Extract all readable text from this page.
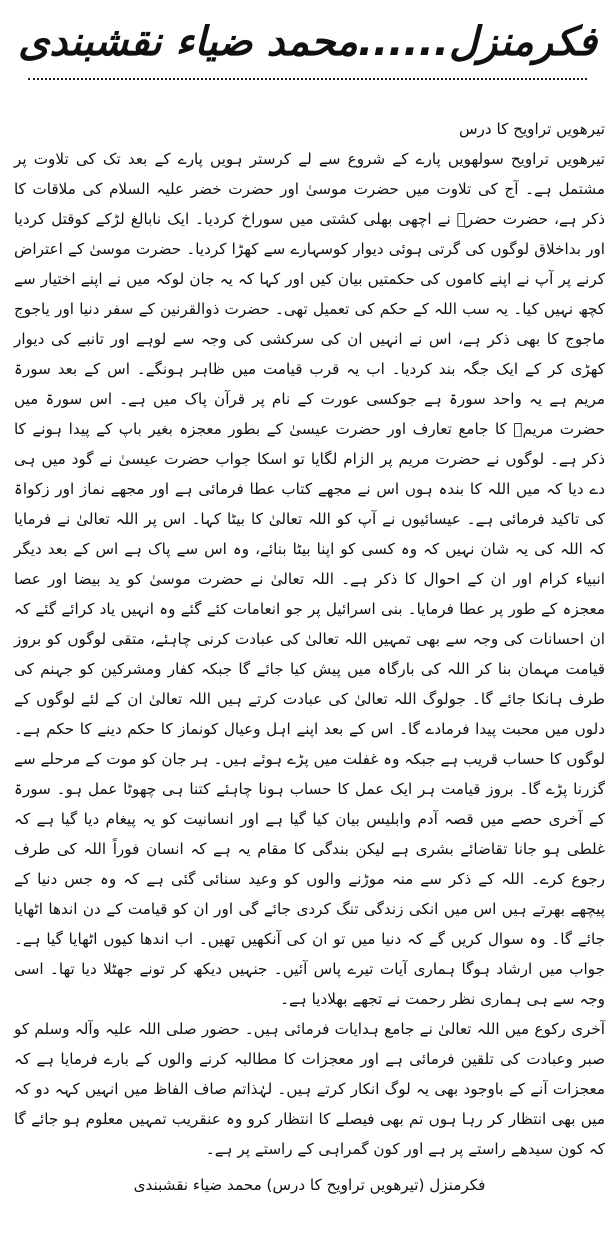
فکرمنزل......محمد ضیاء نقشبندی
تیرھویں تراویح کا درس

تیرھویں تراویح سولھویں پارے کے شروع سے لے کرستر ہویں پارے کے بعد تک کی تلاوت پر مشتمل ہے۔ آج کی تلاوت میں حضرت موسیٰ اور حضرت خضر علیہ السلام کی ملاقات کا ذکر ہے، حضرت حضرؑ نے اچھی بھلی کشتی میں سوراخ کردیا۔ ایک نابالغ لڑکے کوقتل کردیا اور بداخلاق لوگوں کی گرتی ہوئی دیوار کوسہارے سے کھڑا کردیا۔ حضرت موسیٰ کے اعتراض کرنے پر آپ نے اپنے کاموں کی حکمتیں بیان کیں اور کہا کہ یہ جان لوکہ میں نے اپنے اختیار سے کچھ نہیں کیا۔ یہ سب اللہ کے حکم کی تعمیل تھی۔ حضرت ذوالقرنین کے سفر دنیا اور یاجوج ماجوج کا بھی ذکر ہے، اس نے انہیں ان کی سرکشی کی وجہ سے لوہے اور تانبے کی دیوار کھڑی کر کے ایک جگہ بند کردیا۔ اب یہ قرب قیامت میں ظاہر ہونگے۔ اس کے بعد سورۃ مریم ہے یہ واحد سورۃ ہے جوکسی عورت کے نام پر قرآن پاک میں ہے۔ اس سورۃ میں حضرت مریمؑ کا جامع تعارف اور حضرت عیسیٰ کے بطور معجزہ بغیر باپ کے پیدا ہونے کا ذکر ہے۔ لوگوں نے حضرت مریم پر الزام لگایا تو اسکا جواب حضرت عیسیٰ نے گود میں ہی دے دیا کہ میں اللہ کا بندہ ہوں اس نے مجھے کتاب عطا فرمائی ہے اور مجھے نماز اور زکواۃ کی تاکید فرمائی ہے۔ عیسائیوں نے آپ کو اللہ تعالیٰ کا بیٹا کہا۔ اس پر اللہ تعالیٰ نے فرمایا کہ اللہ کی یہ شان نہیں کہ وہ کسی کو اپنا بیٹا بنائے، وہ اس سے پاک ہے اس کے بعد دیگر انبیاء کرام اور ان کے احوال کا ذکر ہے۔ اللہ تعالیٰ نے حضرت موسیٰ کو ید بیضا اور عصا معجزہ کے طور پر عطا فرمایا۔ بنی اسرائیل پر جو انعامات کئے گئے وہ انہیں یاد کرائے گئے کہ ان احسانات کی وجہ سے بھی تمہیں اللہ تعالیٰ کی عبادت کرنی چاہئے، متقی لوگوں کو بروز قیامت مہمان بنا کر اللہ کی بارگاہ میں پیش کیا جائے گا جبکہ کفار ومشرکین کو جہنم کی طرف ہانکا جائے گا۔ جولوگ اللہ تعالیٰ کی عبادت کرتے ہیں اللہ تعالیٰ ان کے لئے لوگوں کے دلوں میں محبت پیدا فرمادے گا۔ اس کے بعد اپنے اہل وعیال کونماز کا حکم دینے کا حکم ہے۔ لوگوں کا حساب قریب ہے جبکہ وہ غفلت میں پڑے ہوئے ہیں۔ ہر جان کو موت کے مرحلے سے گزرنا پڑے گا۔ بروز قیامت ہر ایک عمل کا حساب ہونا چاہئے کتنا ہی چھوٹا عمل ہو۔ سورۃ کے آخری حصے میں قصہ آدم وابلیس بیان کیا گیا ہے اور انسانیت کو یہ پیغام دیا گیا ہے کہ غلطی ہو جانا تقاضائے بشری ہے لیکن بندگی کا مقام یہ ہے کہ انسان فوراً اللہ کی طرف رجوع کرے۔ اللہ کے ذکر سے منہ موڑنے والوں کو وعید سنائی گئی ہے کہ وہ جس دنیا کے پیچھے بھرتے ہیں اس میں انکی زندگی تنگ کردی جائے گی اور ان کو قیامت کے دن اندھا اٹھایا جائے گا۔ وہ سوال کریں گے کہ دنیا میں تو ان کی آنکھیں تھیں۔ اب اندھا کیوں اٹھایا گیا ہے۔ جواب میں ارشاد ہوگا ہماری آیات تیرے پاس آئیں۔ جنہیں دیکھ کر تونے جھٹلا دیا تھا۔ اسی وجہ سے ہی ہماری نظر رحمت نے تجھے بھلادیا ہے۔

آخری رکوع میں اللہ تعالیٰ نے جامع ہدایات فرمائی ہیں۔ حضور صلی اللہ علیہ وآلہ وسلم کو صبر وعبادت کی تلقین فرمائی ہے اور معجزات کا مطالبہ کرنے والوں کے بارے فرمایا ہے کہ معجزات آنے کے باوجود بھی یہ لوگ انکار کرتے ہیں۔ لہٰذاتم صاف الفاظ میں انہیں کہہ دو کہ میں بھی انتظار کر رہا ہوں تم بھی فیصلے کا انتظار کرو وہ عنقریب تمہیں معلوم ہو جائے گا کہ کون سیدھے راستے پر ہے اور کون گمراہی کے راستے پر ہے۔

فکرمنزل (تیرھویں تراویح کا درس) محمد ضیاء نقشبندی
